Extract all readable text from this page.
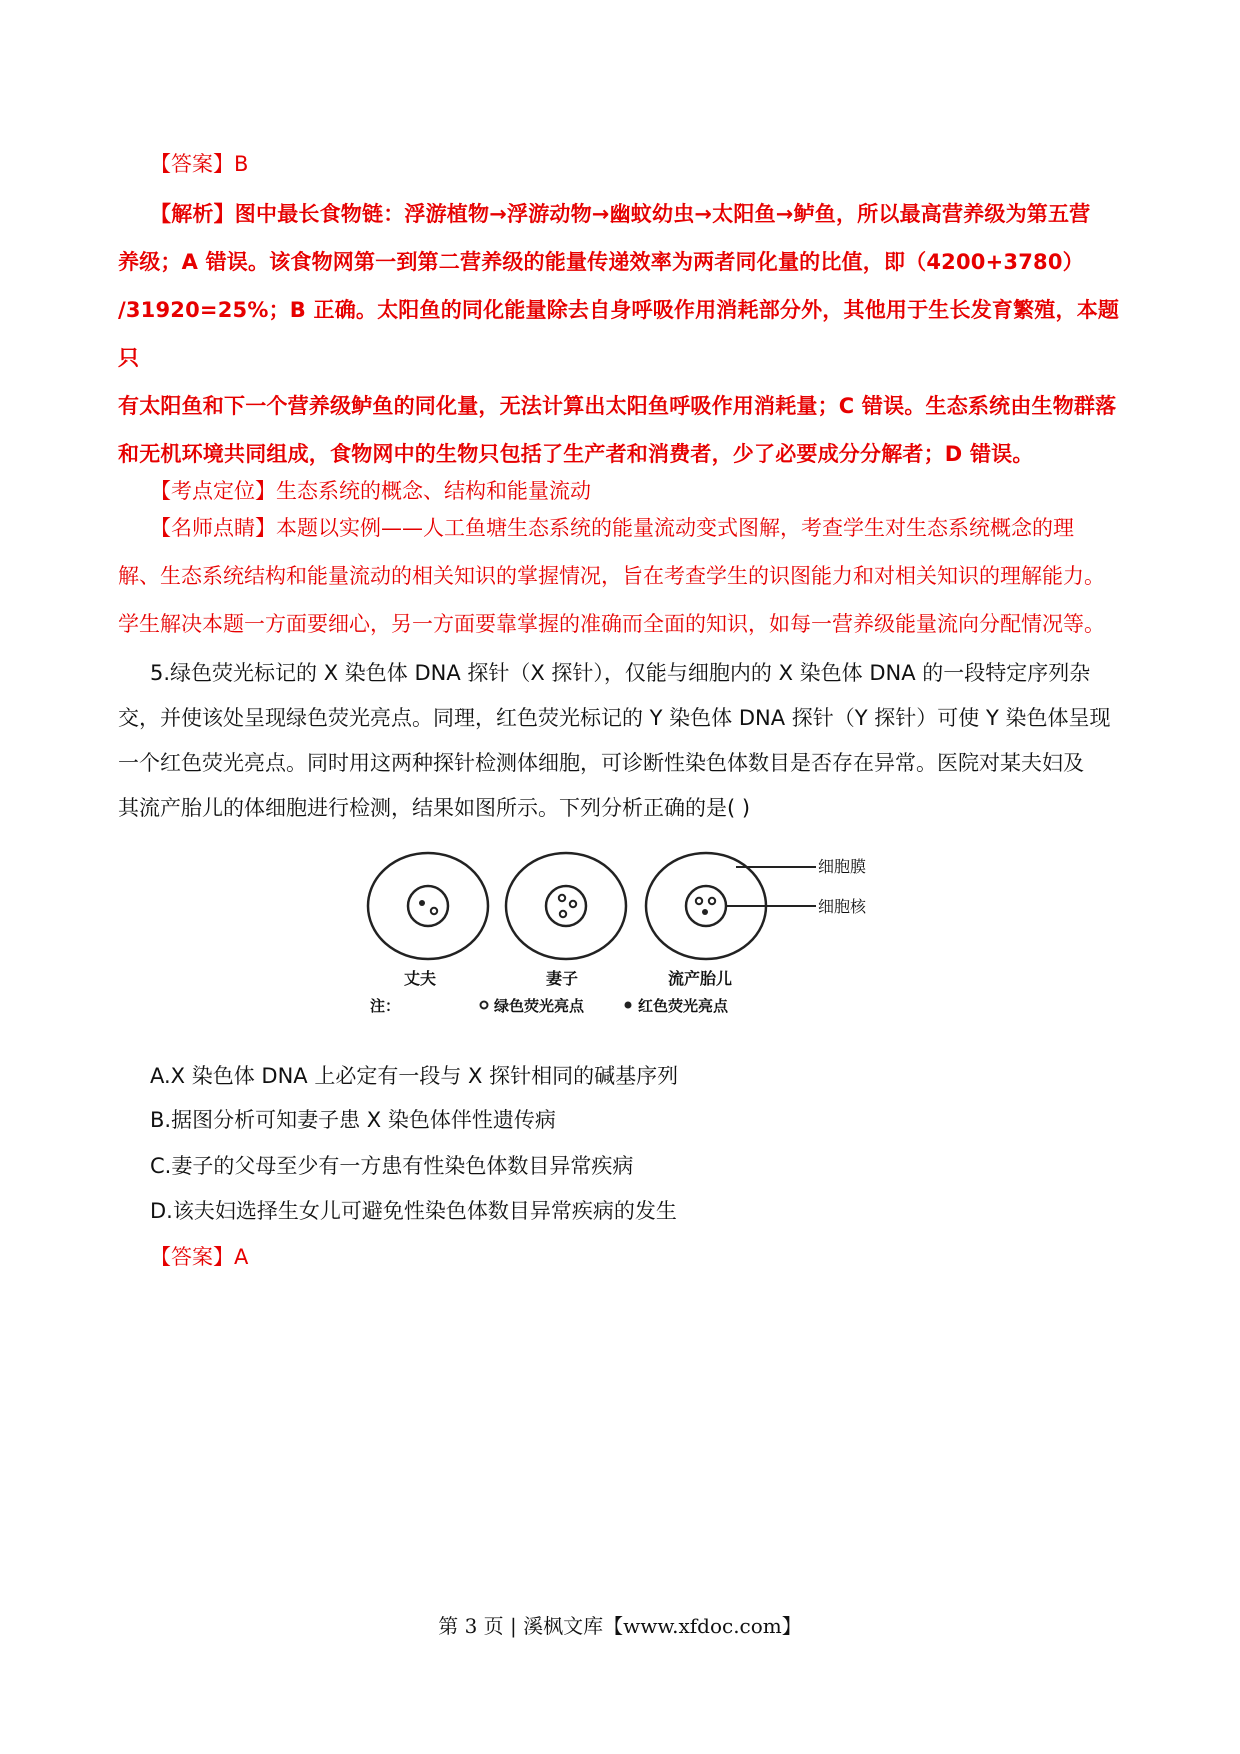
【答案】B

【解析】图中最长食物链：浮游植物→浮游动物→幽蚊幼虫→太阳鱼→鲈鱼，所以最高营养级为第五营

养级；A 错误。该食物网第一到第二营养级的能量传递效率为两者同化量的比值，即（4200+3780）

/31920=25%；B 正确。太阳鱼的同化能量除去自身呼吸作用消耗部分外，其他用于生长发育繁殖，本题只

有太阳鱼和下一个营养级鲈鱼的同化量，无法计算出太阳鱼呼吸作用消耗量；C 错误。生态系统由生物群落

和无机环境共同组成，食物网中的生物只包括了生产者和消费者，少了必要成分分解者；D 错误。

【考点定位】生态系统的概念、结构和能量流动

【名师点睛】本题以实例——人工鱼塘生态系统的能量流动变式图解，考查学生对生态系统概念的理

解、生态系统结构和能量流动的相关知识的掌握情况，旨在考查学生的识图能力和对相关知识的理解能力。

学生解决本题一方面要细心，另一方面要靠掌握的准确而全面的知识，如每一营养级能量流向分配情况等。

5.绿色荧光标记的 X 染色体 DNA 探针（X 探针），仅能与细胞内的 X 染色体 DNA 的一段特定序列杂

交，并使该处呈现绿色荧光亮点。同理，红色荧光标记的 Y 染色体 DNA 探针（Y 探针）可使 Y 染色体呈现

一个红色荧光亮点。同时用这两种探针检测体细胞，可诊断性染色体数目是否存在异常。医院对某夫妇及

其流产胎儿的体细胞进行检测，结果如图所示。下列分析正确的是( )

细胞膜
细胞核
丈夫	妻子	流产胎儿
注：	绿色荧光亮点	红色荧光亮点
A.X 染色体 DNA 上必定有一段与 X 探针相同的碱基序列
B.据图分析可知妻子患 X 染色体伴性遗传病
C.妻子的父母至少有一方患有性染色体数目异常疾病
D.该夫妇选择生女儿可避免性染色体数目异常疾病的发生
【答案】A
第 3 页 | 溪枫文库【www.xfdoc.com】
